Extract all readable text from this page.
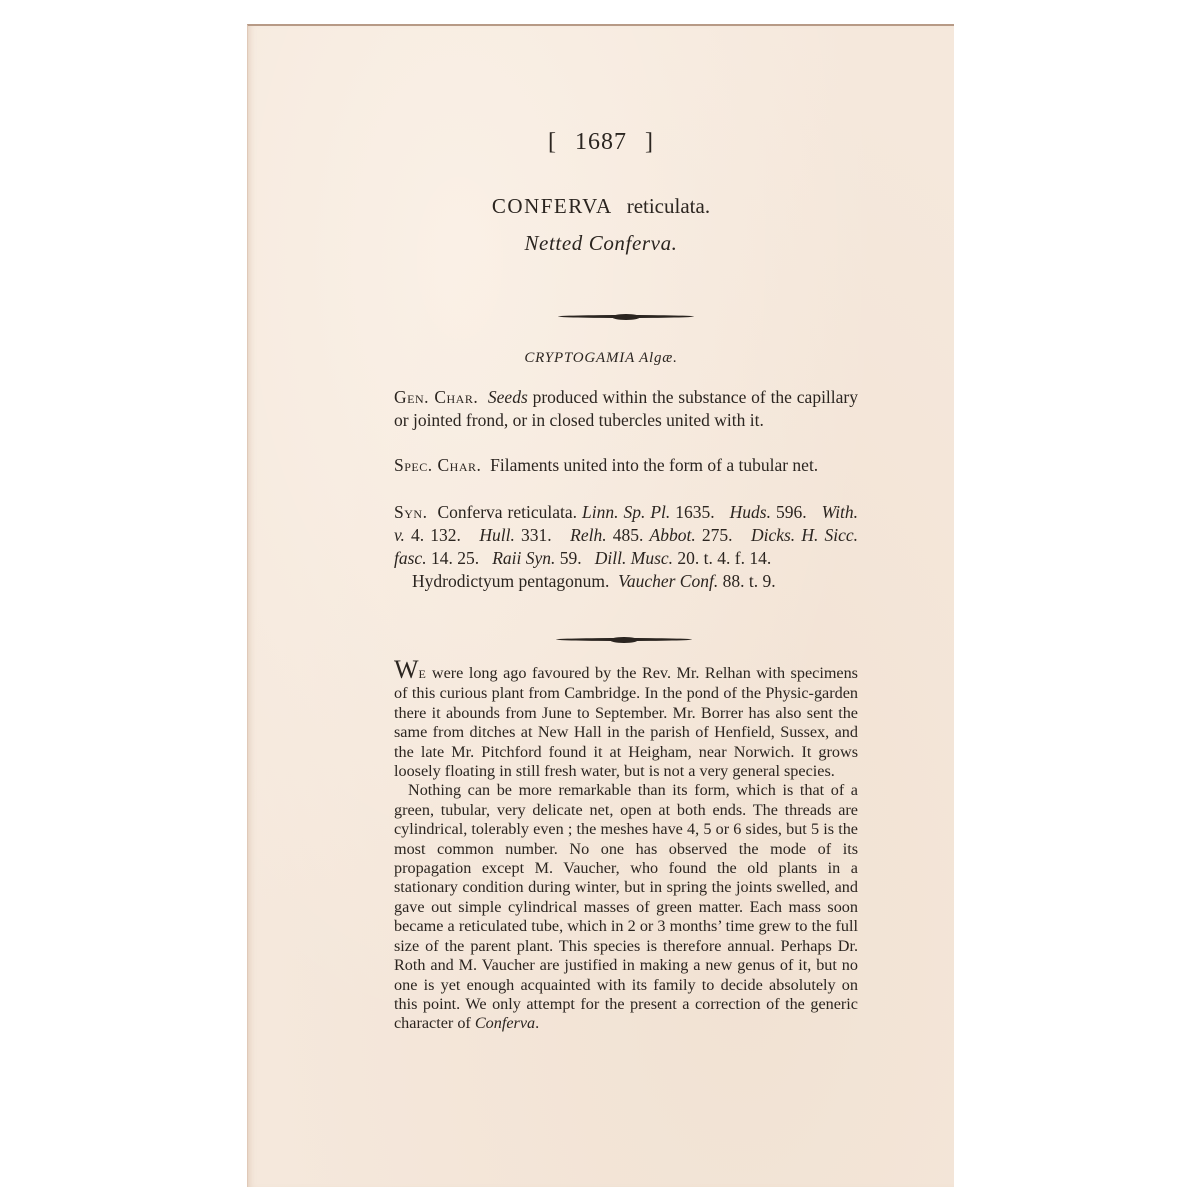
[ 1687 ]
CONFERVA reticulata.
Netted Conferva.
CRYPTOGAMIA Algæ.

Gen. Char. Seeds produced within the substance of the capillary or jointed frond, or in closed tubercles united with it.

Spec. Char. Filaments united into the form of a tubular net.

Syn. Conferva reticulata. Linn. Sp. Pl. 1635. Huds. 596. With. v. 4. 132. Hull. 331. Relh. 485. Abbot. 275. Dicks. H. Sicc. fasc. 14. 25. Raii Syn. 59. Dill. Musc. 20. t. 4. f. 14.

Hydrodictyum pentagonum. Vaucher Conf. 88. t. 9.

WE were long ago favoured by the Rev. Mr. Relhan with specimens of this curious plant from Cambridge. In the pond of the Physic-garden there it abounds from June to September. Mr. Borrer has also sent the same from ditches at New Hall in the parish of Henfield, Sussex, and the late Mr. Pitchford found it at Heigham, near Norwich. It grows loosely floating in still fresh water, but is not a very general species.

Nothing can be more remarkable than its form, which is that of a green, tubular, very delicate net, open at both ends. The threads are cylindrical, tolerably even ; the meshes have 4, 5 or 6 sides, but 5 is the most common number. No one has observed the mode of its propagation except M. Vaucher, who found the old plants in a stationary condition during winter, but in spring the joints swelled, and gave out simple cylindrical masses of green matter. Each mass soon became a reticulated tube, which in 2 or 3 months’ time grew to the full size of the parent plant. This species is therefore annual. Perhaps Dr. Roth and M. Vaucher are justified in making a new genus of it, but no one is yet enough acquainted with its family to decide absolutely on this point. We only attempt for the present a correction of the generic character of Conferva.
